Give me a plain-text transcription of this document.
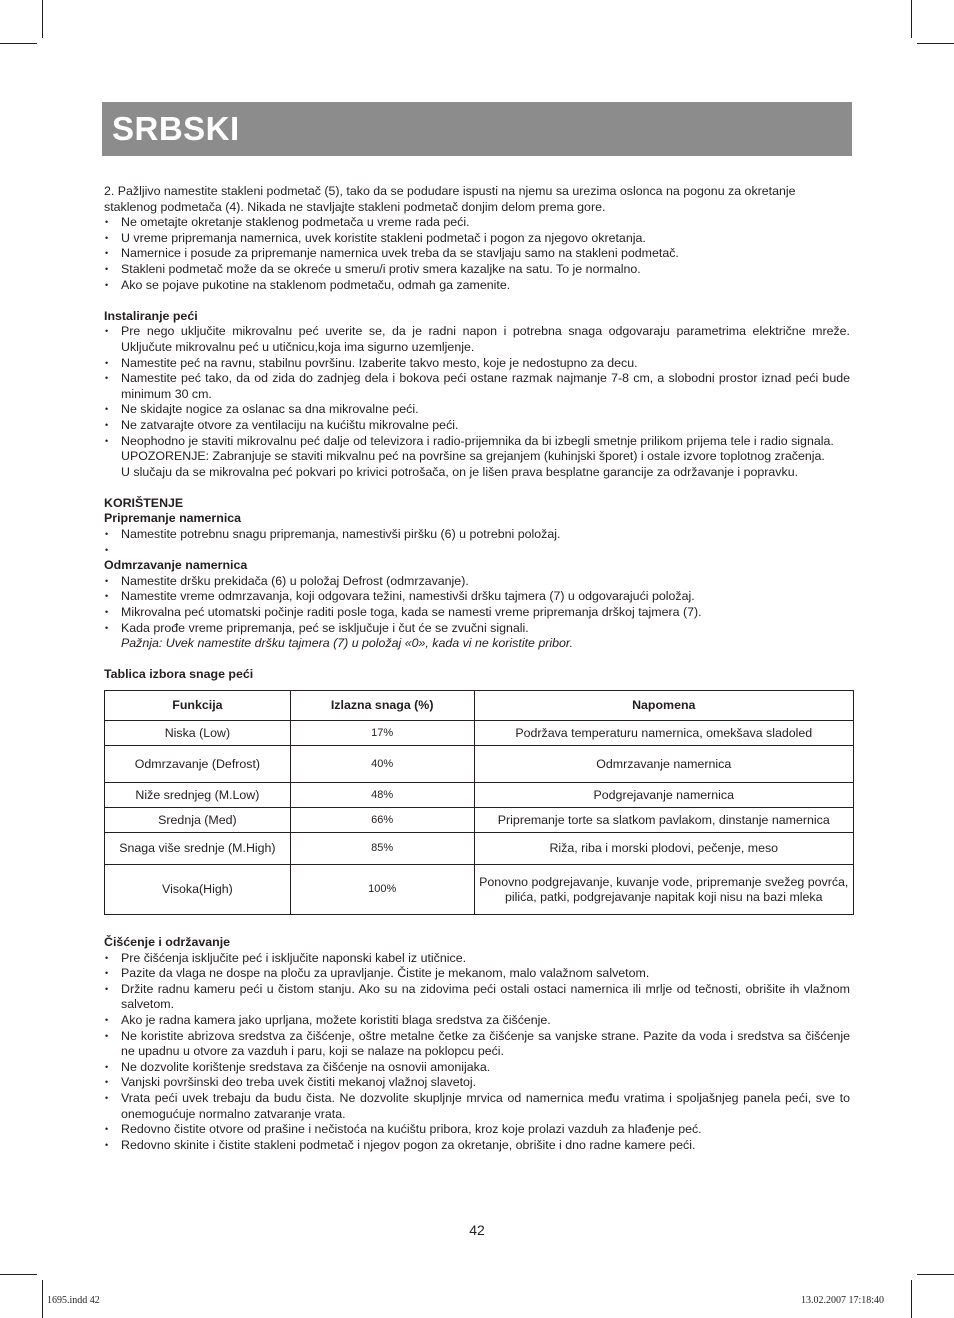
SRBSKI

2. Pažljivo namestite stakleni podmetač (5), tako da se podudare ispusti na njemu sa urezima oslonca na pogonu za okretanje staklenog podmetača (4). Nikada ne stavljajte stakleni podmetač donjim delom prema gore.

• Ne ometajte okretanje staklenog podmetača u vreme rada peći.
• U vreme pripremanja namernica, uvek koristite stakleni podmetač i pogon za njegovo okretanja.
• Namernice i posude za pripremanje namernica uvek treba da se stavljaju samo na stakleni podmetač.
• Stakleni podmetač može da se okreće u smeru/i protiv smera kazaljke na satu. To je normalno.
• Ako se pojave pukotine na staklenom podmetaču, odmah ga zamenite.
Instaliranje peći
• Pre nego uključite mikrovalnu peć uverite se, da je radni napon i potrebna snaga odgovaraju parametrima električne mreže. Uključute mikrovalnu peć u utičnicu,koja ima sigurno uzemljenje.
• Namestite peć na ravnu, stabilnu površinu. Izaberite takvo mesto, koje je nedostupno za decu.
• Namestite peć tako, da od zida do zadnjeg dela i bokova peći ostane razmak najmanje 7-8 cm, a slobodni prostor iznad peći bude minimum 30 cm.
• Ne skidajte nogice za oslanac sa dna mikrovalne peći.
• Ne zatvarajte otvore za ventilaciju na kućištu mikrovalne peći.
• Neophodno je staviti mikrovalnu peć dalje od televizora i radio-prijemnika da bi izbegli smetnje prilikom prijema tele i radio signala.
UPOZORENJE: Zabranjuje se staviti mikvalnu peć na površine sa grejanjem (kuhinjski šporet) i ostale izvore toplotnog zračenja.
U slučaju da se mikrovalna peć pokvari po krivici potrošača, on je lišen prava besplatne garancije za održavanje i popravku.
KORIŠTENJE
Pripremanje namernica
• Namestite potrebnu snagu pripremanja, namestivši piršku (6) u potrebni položaj.
Odmrzavanje namernica
• Namestite dršku prekidača (6) u položaj Defrost (odmrzavanje).
• Namestite vreme odmrzavanja, koji odgovara težini, namestivši dršku tajmera (7) u odgovarajući položaj.
• Mikrovalna peć utomatski počinje raditi posle toga, kada se namesti vreme pripremanja drškoj tajmera (7).
• Kada prođe vreme pripremanja, peć se isključuje i čut će se zvučni signali.
Pažnja: Uvek namestite dršku tajmera (7) u položaj «0», kada vi ne koristite pribor.
Tablica izbora snage peći
Funkcija	Izlazna snaga (%)	Napomena
Niska (Low)	17%	Podržava temperaturu namernica, omekšava sladoled
Odmrzavanje (Defrost)	40%	Odmrzavanje namernica
Niže srednjeg (M.Low)	48%	Podgrejavanje namernica
Srednja (Med)	66%	Pripremanje torte sa slatkom pavlakom, dinstanje namernica
Snaga više srednje (M.High)	85%	Riža, riba i morski plodovi, pečenje, meso
Visoka(High)	100%	Ponovno podgrejavanje, kuvanje vode, pripremanje svežeg povrća, pilića, patki, podgrejavanje napitak koji nisu na bazi mleka
Čišćenje i održavanje
• Pre čišćenja isključite peć i isključite naponski kabel iz utičnice.
• Pazite da vlaga ne dospe na ploču za upravljanje. Čistite je mekanom, malo valažnom salvetom.
• Držite radnu kameru peći u čistom stanju. Ako su na zidovima peći ostali ostaci namernica ili mrlje od tečnosti, obrišite ih vlažnom salvetom.
• Ako je radna kamera jako uprljana, možete koristiti blaga sredstva za čišćenje.
• Ne koristite abrizova sredstva za čišćenje, oštre metalne četke za čišćenje sa vanjske strane. Pazite da voda i sredstva sa čišćenje ne upadnu u otvore za vazduh i paru, koji se nalaze na poklopcu peći.
• Ne dozvolite korištenje sredstava za čišćenje na osnovii amonijaka.
• Vanjski površinski deo treba uvek čistiti mekanoj vlažnoj slavetoj.
• Vrata peći uvek trebaju da budu čista. Ne dozvolite skupljnje mrvica od namernica među vratima i spoljašnjeg panela peći, sve to onemogućuje normalno zatvaranje vrata.
• Redovno čistite otvore od prašine i nečistoća na kućištu pribora, kroz koje prolazi vazduh za hlađenje peć.
• Redovno skinite i čistite stakleni podmetač i njegov pogon za okretanje, obrišite i dno radne kamere peći.
42
1695.indd 42	13.02.2007 17:18:40
